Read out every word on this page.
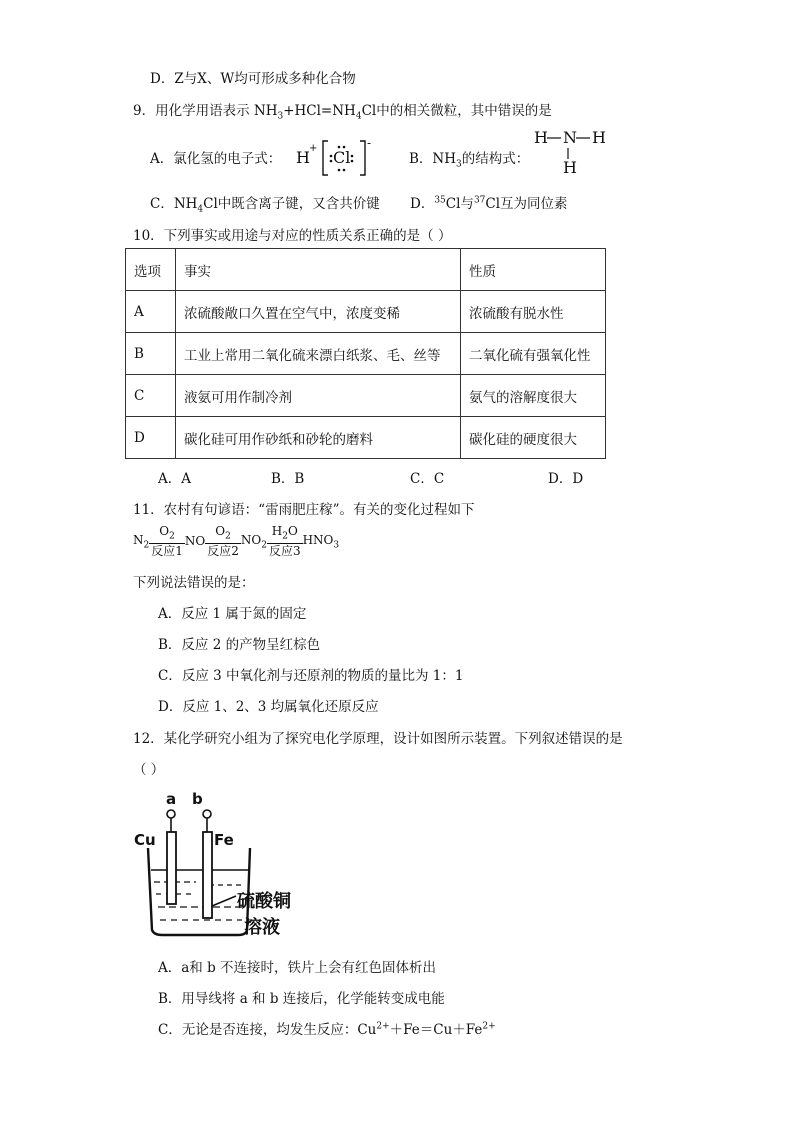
D．Z与X、W均可形成多种化合物
9．用化学用语表示 $NH_3+HCl=NH_4Cl$中的相关微粒，其中错误的是
A．氯化氢的电子式： H + Cl
-
B．$NH_3$的结构式：
H N H
H
C．$NH_4Cl$中既含离子键，又含共价键 D．$^{35}$Cl与$^{37}$Cl互为同位素
10．下列事实或用途与对应的性质关系正确的是（ ）
选项	事实	性质
A	浓硫酸敞口久置在空气中，浓度变稀	浓硫酸有脱水性
B	工业上常用二氧化硫来漂白纸浆、毛、丝等	二氧化硫有强氧化性
C	液氨可用作制冷剂	氨气的溶解度很大
D	碳化硅可用作砂纸和砂轮的磨料	碳化硅的硬度很大
A．A	B．B	C．C	D．D
11．农村有句谚语：“雷雨肥庄稼”。有关的变化过程如下
$N_2 \frac{O_2}{\text{反应1}}$ NO $\frac{O_2}{\text{反应2}} NO_2 \frac{H_2O}{\text{反应3}} HNO_3$
下列说法错误的是：
A．反应 1 属于氮的固定
B．反应 2 的产物呈红棕色
C．反应 3 中氧化剂与还原剂的物质的量比为 1：1
D．反应 1、2、3 均属氧化还原反应
12．某化学研究小组为了探究电化学原理，设计如图所示装置。下列叙述错误的是
（ ）
a b
Cu	Fe
硫酸铜
溶液
A．a和 b 不连接时，铁片上会有红色固体析出
B．用导线将 a 和 b 连接后，化学能转变成电能
C．无论是否连接，均发生反应：$Cu^{2+}+Fe=Cu+Fe^{2+}$
